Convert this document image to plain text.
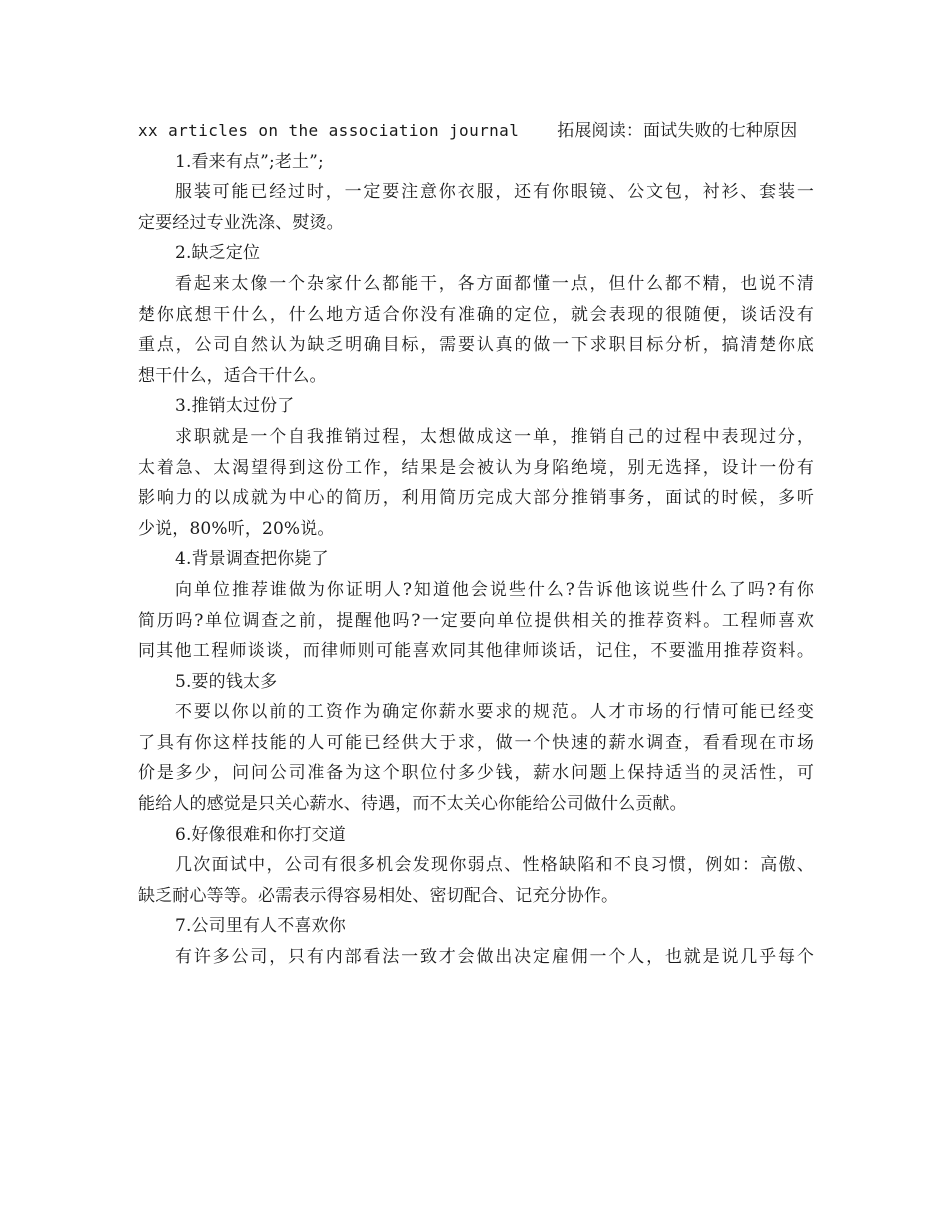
xx articles on the association journal 拓展阅读：面试失败的七种原因
1.看来有点”;老土”;
服装可能已经过时，一定要注意你衣服，还有你眼镜、公文包，衬衫、套装一
定要经过专业洗涤、熨烫。
2.缺乏定位
看起来太像一个杂家什么都能干，各方面都懂一点，但什么都不精，也说不清
楚你底想干什么，什么地方适合你没有准确的定位，就会表现的很随便，谈话没有
重点，公司自然认为缺乏明确目标，需要认真的做一下求职目标分析，搞清楚你底
想干什么，适合干什么。
3.推销太过份了
求职就是一个自我推销过程，太想做成这一单，推销自己的过程中表现过分，
太着急、太渴望得到这份工作，结果是会被认为身陷绝境，别无选择，设计一份有
影响力的以成就为中心的简历，利用简历完成大部分推销事务，面试的时候，多听
少说，80%听，20%说。
4.背景调查把你毙了
向单位推荐谁做为你证明人?知道他会说些什么?告诉他该说些什么了吗?有你
简历吗?单位调查之前，提醒他吗?一定要向单位提供相关的推荐资料。工程师喜欢
同其他工程师谈谈，而律师则可能喜欢同其他律师谈话，记住，不要滥用推荐资料。
5.要的钱太多
不要以你以前的工资作为确定你薪水要求的规范。人才市场的行情可能已经变
了具有你这样技能的人可能已经供大于求，做一个快速的薪水调查，看看现在市场
价是多少，问问公司准备为这个职位付多少钱，薪水问题上保持适当的灵活性，可
能给人的感觉是只关心薪水、待遇，而不太关心你能给公司做什么贡献。
6.好像很难和你打交道
几次面试中，公司有很多机会发现你弱点、性格缺陷和不良习惯，例如：高傲、
缺乏耐心等等。必需表示得容易相处、密切配合、记充分协作。
7.公司里有人不喜欢你
有许多公司，只有内部看法一致才会做出决定雇佣一个人，也就是说几乎每个
